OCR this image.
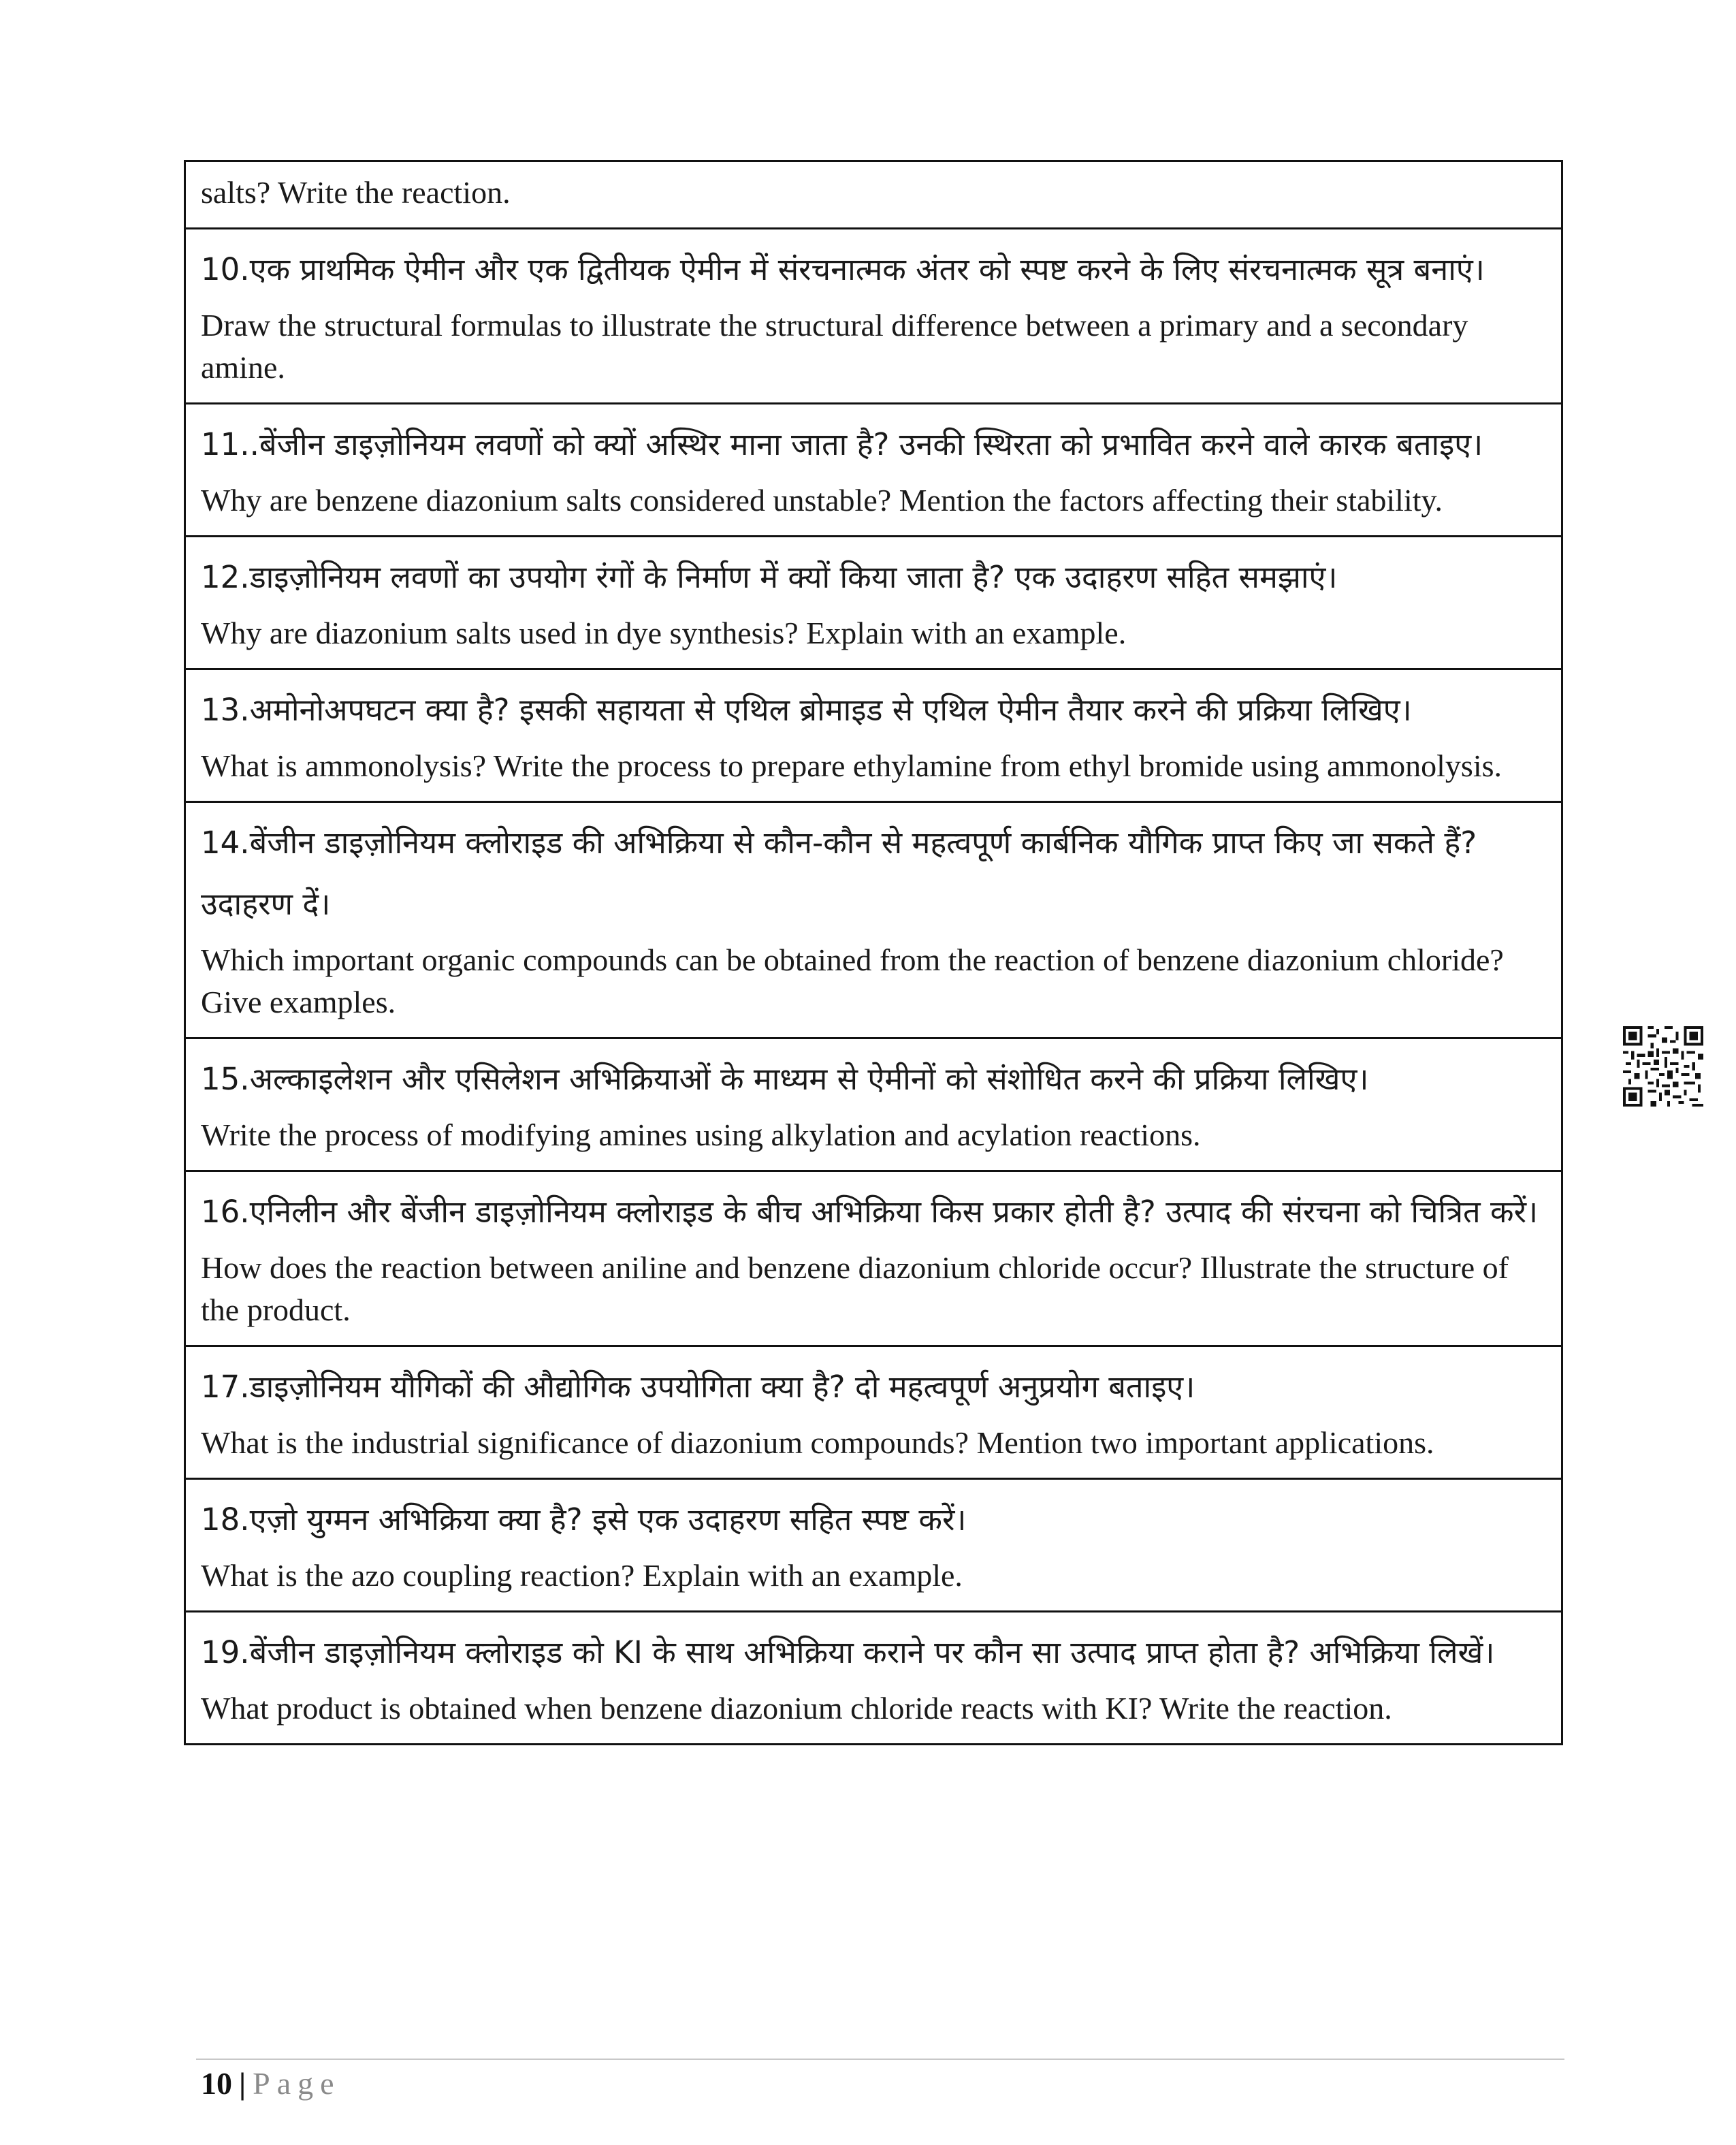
salts? Write the reaction.

10.एक प्राथमिक ऐमीन और एक द्वितीयक ऐमीन में संरचनात्मक अंतर को स्पष्ट करने के लिए संरचनात्मक सूत्र बनाएं।

Draw the structural formulas to illustrate the structural difference between a primary and a secondary amine.

11..बेंजीन डाइज़ोनियम लवणों को क्यों अस्थिर माना जाता है? उनकी स्थिरता को प्रभावित करने वाले कारक बताइए।

Why are benzene diazonium salts considered unstable? Mention the factors affecting their stability.

12.डाइज़ोनियम लवणों का उपयोग रंगों के निर्माण में क्यों किया जाता है? एक उदाहरण सहित समझाएं।

Why are diazonium salts used in dye synthesis? Explain with an example.

13.अमोनोअपघटन क्या है? इसकी सहायता से एथिल ब्रोमाइड से एथिल ऐमीन तैयार करने की प्रक्रिया लिखिए।

What is ammonolysis? Write the process to prepare ethylamine from ethyl bromide using ammonolysis.

14.बेंजीन डाइज़ोनियम क्लोराइड की अभिक्रिया से कौन-कौन से महत्वपूर्ण कार्बनिक यौगिक प्राप्त किए जा सकते हैं? उदाहरण दें।

Which important organic compounds can be obtained from the reaction of benzene diazonium chloride? Give examples.

15.अल्काइलेशन और एसिलेशन अभिक्रियाओं के माध्यम से ऐमीनों को संशोधित करने की प्रक्रिया लिखिए।

Write the process of modifying amines using alkylation and acylation reactions.

16.एनिलीन और बेंजीन डाइज़ोनियम क्लोराइड के बीच अभिक्रिया किस प्रकार होती है? उत्पाद की संरचना को चित्रित करें।

How does the reaction between aniline and benzene diazonium chloride occur? Illustrate the structure of the product.

17.डाइज़ोनियम यौगिकों की औद्योगिक उपयोगिता क्या है? दो महत्वपूर्ण अनुप्रयोग बताइए।

What is the industrial significance of diazonium compounds? Mention two important applications.

18.एज़ो युग्मन अभिक्रिया क्या है? इसे एक उदाहरण सहित स्पष्ट करें।

What is the azo coupling reaction? Explain with an example.

19.बेंजीन डाइज़ोनियम क्लोराइड को KI के साथ अभिक्रिया कराने पर कौन सा उत्पाद प्राप्त होता है? अभिक्रिया लिखें।

What product is obtained when benzene diazonium chloride reacts with KI? Write the reaction.

10 | Page
